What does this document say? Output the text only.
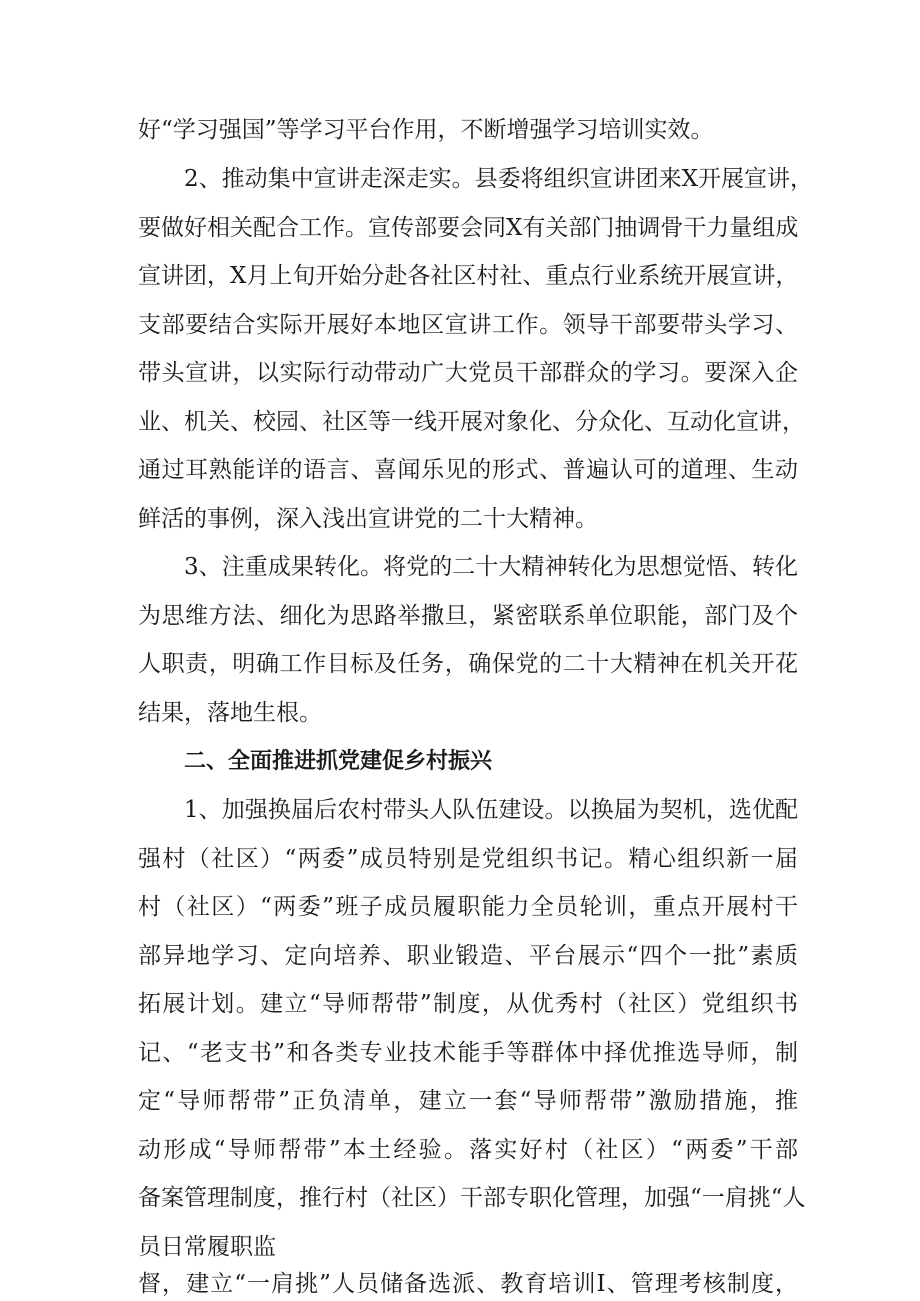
好“学习强国”等学习平台作用，不断增强学习培训实效。
2、推动集中宣讲走深走实。县委将组织宣讲团来X开展宣讲，
要做好相关配合工作。宣传部要会同X有关部门抽调骨干力量组成
宣讲团，X月上旬开始分赴各社区村社、重点行业系统开展宣讲，
支部要结合实际开展好本地区宣讲工作。领导干部要带头学习、
带头宣讲，以实际行动带动广大党员干部群众的学习。要深入企
业、机关、校园、社区等一线开展对象化、分众化、互动化宣讲，
通过耳熟能详的语言、喜闻乐见的形式、普遍认可的道理、生动
鲜活的事例，深入浅出宣讲党的二十大精神。
3、注重成果转化。将党的二十大精神转化为思想觉悟、转化
为思维方法、细化为思路举撒旦，紧密联系单位职能，部门及个
人职责，明确工作目标及任务，确保党的二十大精神在机关开花
结果，落地生根。
二、全面推进抓党建促乡村振兴
1、加强换届后农村带头人队伍建设。以换届为契机，选优配
强村（社区）“两委”成员特别是党组织书记。精心组织新一届
村（社区）“两委”班子成员履职能力全员轮训，重点开展村干
部异地学习、定向培养、职业锻造、平台展示“四个一批”素质
拓展计划。建立“导师帮带”制度，从优秀村（社区）党组织书
记、“老支书”和各类专业技术能手等群体中择优推选导师，制
定“导师帮带”正负清单，建立一套“导师帮带”激励措施，推
动形成“导师帮带”本土经验。落实好村（社区）“两委”干部
备案管理制度，推行村（社区）干部专职化管理，加强“一肩挑“人
员日常履职监
督，建立“一肩挑”人员储备选派、教育培训I、管理考核制度，
